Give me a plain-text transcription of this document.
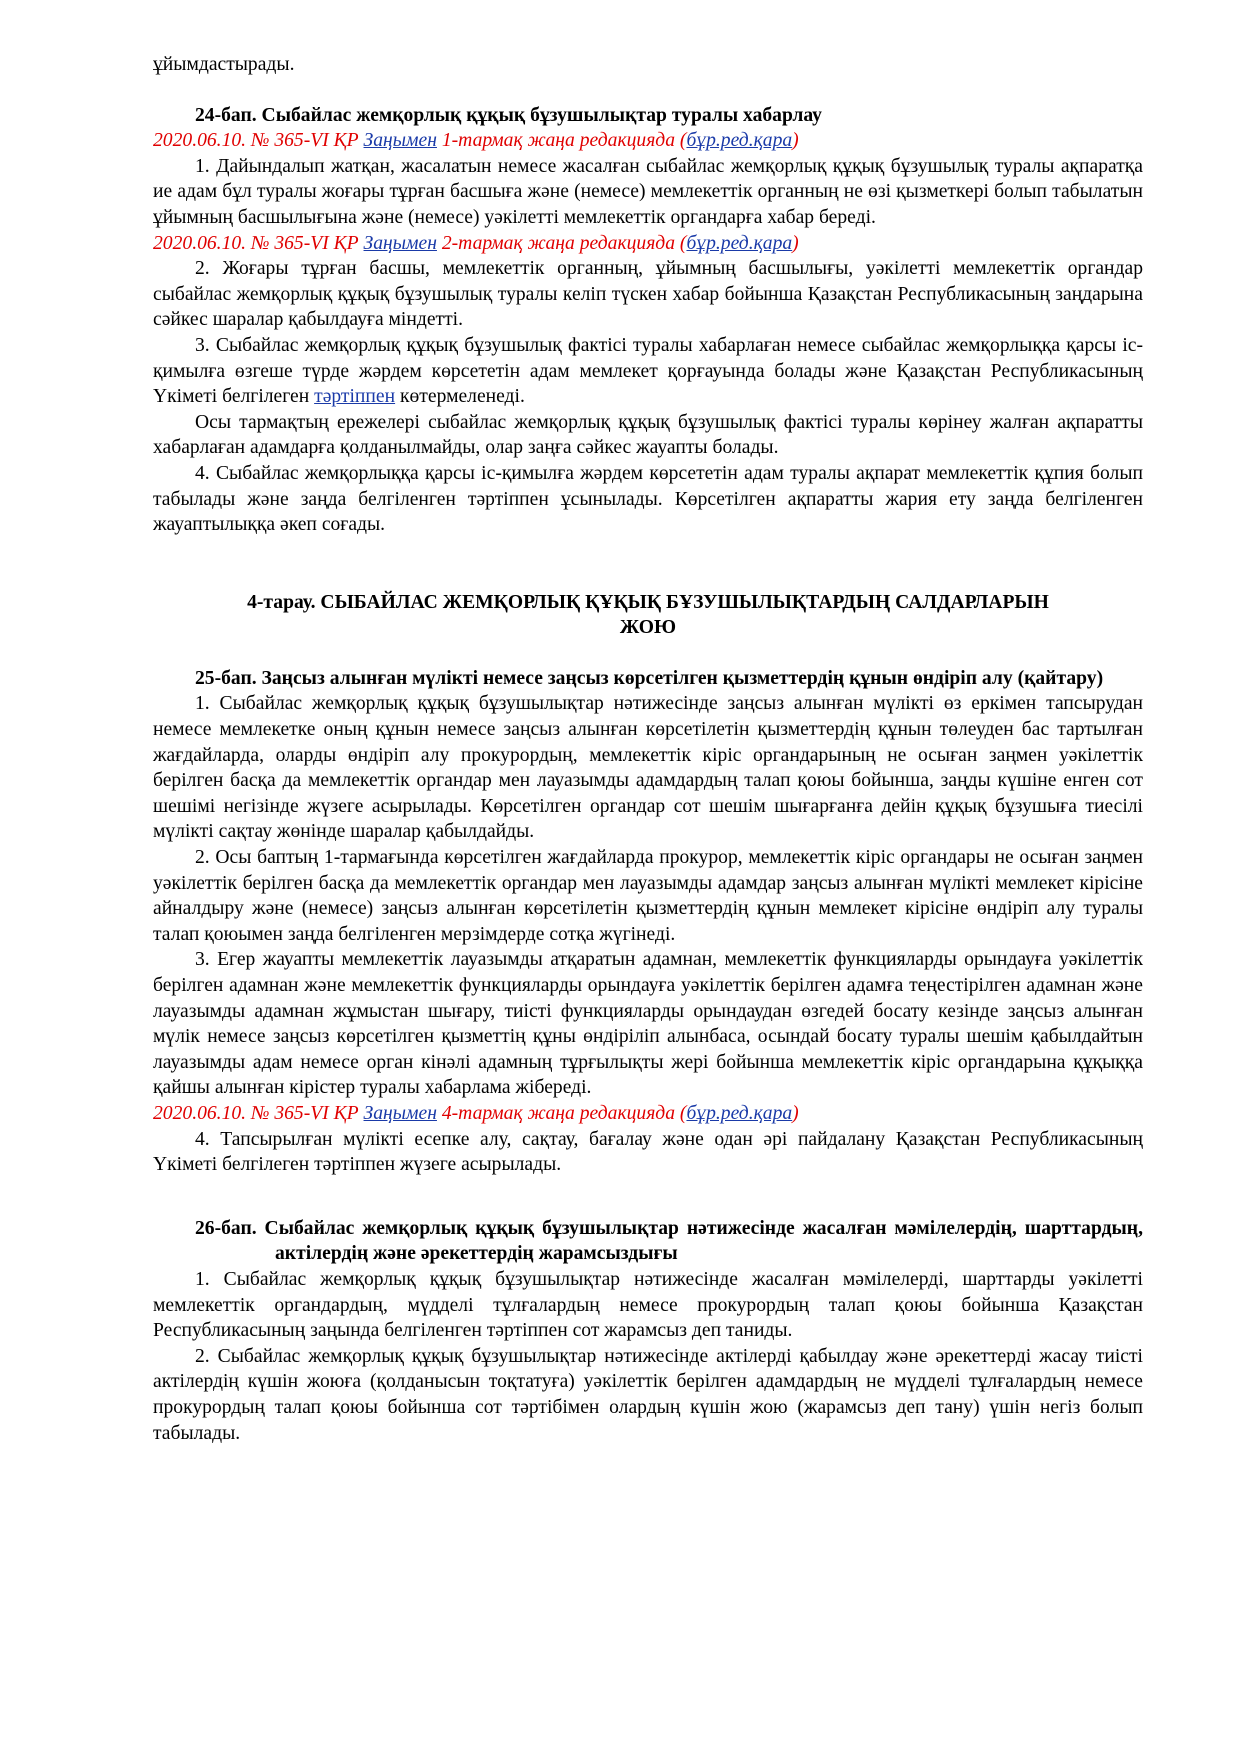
ұйымдастырады.

24-бап. Сыбайлас жемқорлық құқық бұзушылықтар туралы хабарлау

2020.06.10. № 365-VI ҚР Заңымен 1-тармақ жаңа редакцияда (бұр.ред.қара)

1. Дайындалып жатқан, жасалатын немесе жасалған сыбайлас жемқорлық құқық бұзушылық туралы ақпаратқа ие адам бұл туралы жоғары тұрған басшыға және (немесе) мемлекеттік органның не өзі қызметкері болып табылатын ұйымның басшылығына және (немесе) уәкілетті мемлекеттік органдарға хабар береді.

2020.06.10. № 365-VI ҚР Заңымен 2-тармақ жаңа редакцияда (бұр.ред.қара)

2. Жоғары тұрған басшы, мемлекеттік органның, ұйымның басшылығы, уәкілетті мемлекеттік органдар сыбайлас жемқорлық құқық бұзушылық туралы келіп түскен хабар бойынша Қазақстан Республикасының заңдарына сәйкес шаралар қабылдауға міндетті.

3. Сыбайлас жемқорлық құқық бұзушылық фактісі туралы хабарлаған немесе сыбайлас жемқорлыққа қарсы іс-қимылға өзгеше түрде жәрдем көрсететін адам мемлекет қорғауында болады және Қазақстан Республикасының Үкіметі белгілеген тәртіппен көтермеленеді.

Осы тармақтың ережелері сыбайлас жемқорлық құқық бұзушылық фактісі туралы көрінеу жалған ақпаратты хабарлаған адамдарға қолданылмайды, олар заңға сәйкес жауапты болады.

4. Сыбайлас жемқорлыққа қарсы іс-қимылға жәрдем көрсететін адам туралы ақпарат мемлекеттік құпия болып табылады және заңда белгіленген тәртіппен ұсынылады. Көрсетілген ақпаратты жария ету заңда белгіленген жауаптылыққа әкеп соғады.

4-тарау. СЫБАЙЛАС ЖЕМҚОРЛЫҚ ҚҰҚЫҚ БҰЗУШЫЛЫҚТАРДЫҢ САЛДАРЛАРЫН

ЖОЮ

25-бап. Заңсыз алынған мүлікті немесе заңсыз көрсетілген қызметтердің құнын өндіріп алу (қайтару)

1. Сыбайлас жемқорлық құқық бұзушылықтар нәтижесінде заңсыз алынған мүлікті өз еркімен тапсырудан немесе мемлекетке оның құнын немесе заңсыз алынған көрсетілетін қызметтердің құнын төлеуден бас тартылған жағдайларда, оларды өндіріп алу прокурордың, мемлекеттік кіріс органдарының не осыған заңмен уәкілеттік берілген басқа да мемлекеттік органдар мен лауазымды адамдардың талап қоюы бойынша, заңды күшіне енген сот шешімі негізінде жүзеге асырылады. Көрсетілген органдар сот шешім шығарғанға дейін құқық бұзушыға тиесілі мүлікті сақтау жөнінде шаралар қабылдайды.

2. Осы баптың 1-тармағында көрсетілген жағдайларда прокурор, мемлекеттік кіріс органдары не осыған заңмен уәкілеттік берілген басқа да мемлекеттік органдар мен лауазымды адамдар заңсыз алынған мүлікті мемлекет кірісіне айналдыру және (немесе) заңсыз алынған көрсетілетін қызметтердің құнын мемлекет кірісіне өндіріп алу туралы талап қоюымен заңда белгіленген мерзімдерде сотқа жүгінеді.

3. Егер жауапты мемлекеттік лауазымды атқаратын адамнан, мемлекеттік функцияларды орындауға уәкілеттік берілген адамнан және мемлекеттік функцияларды орындауға уәкілеттік берілген адамға теңестірілген адамнан және лауазымды адамнан жұмыстан шығару, тиісті функцияларды орындаудан өзгедей босату кезінде заңсыз алынған мүлік немесе заңсыз көрсетілген қызметтің құны өндіріліп алынбаса, осындай босату туралы шешім қабылдайтын лауазымды адам немесе орган кінәлі адамның тұрғылықты жері бойынша мемлекеттік кіріс органдарына құқыққа қайшы алынған кірістер туралы хабарлама жібереді.

2020.06.10. № 365-VI ҚР Заңымен 4-тармақ жаңа редакцияда (бұр.ред.қара)

4. Тапсырылған мүлікті есепке алу, сақтау, бағалау және одан әрі пайдалану Қазақстан Республикасының Үкіметі белгілеген тәртіппен жүзеге асырылады.

26-бап. Сыбайлас жемқорлық құқық бұзушылықтар нәтижесінде жасалған мәмілелердің, шарттардың, актілердің және әрекеттердің жарамсыздығы

1. Сыбайлас жемқорлық құқық бұзушылықтар нәтижесінде жасалған мәмілелерді, шарттарды уәкілетті мемлекеттік органдардың, мүдделі тұлғалардың немесе прокурордың талап қоюы бойынша Қазақстан Республикасының заңында белгіленген тәртіппен сот жарамсыз деп таниды.

2. Сыбайлас жемқорлық құқық бұзушылықтар нәтижесінде актілерді қабылдау және әрекеттерді жасау тиісті актілердің күшін жоюға (қолданысын тоқтатуға) уәкілеттік берілген адамдардың не мүдделі тұлғалардың немесе прокурордың талап қоюы бойынша сот тәртібімен олардың күшін жою (жарамсыз деп тану) үшін негіз болып табылады.
